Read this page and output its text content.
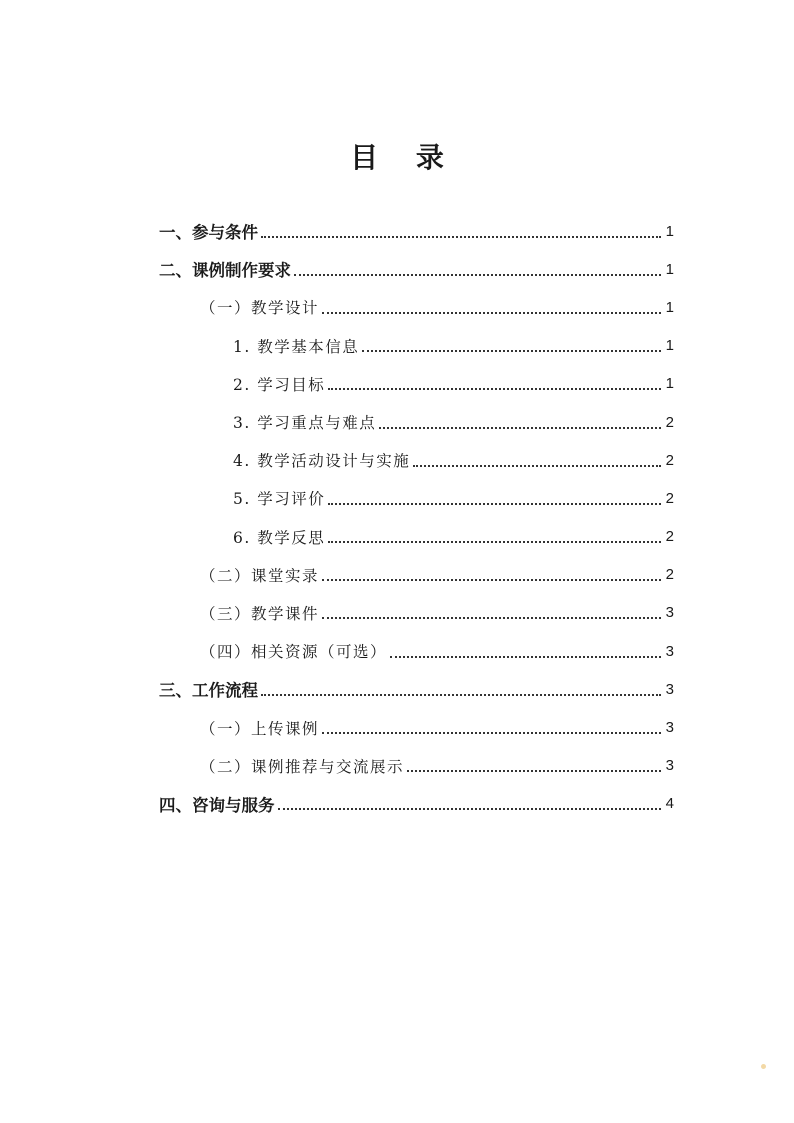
目 录
一、参与条件	1
二、课例制作要求	1
（一）教学设计	1
1. 教学基本信息	1
2. 学习目标	1
3. 学习重点与难点	2
4. 教学活动设计与实施	2
5. 学习评价	2
6. 教学反思	2
（二）课堂实录	2
（三）教学课件	3
（四）相关资源（可选）	3
三、工作流程	3
（一）上传课例	3
（二）课例推荐与交流展示	3
四、咨询与服务	4
